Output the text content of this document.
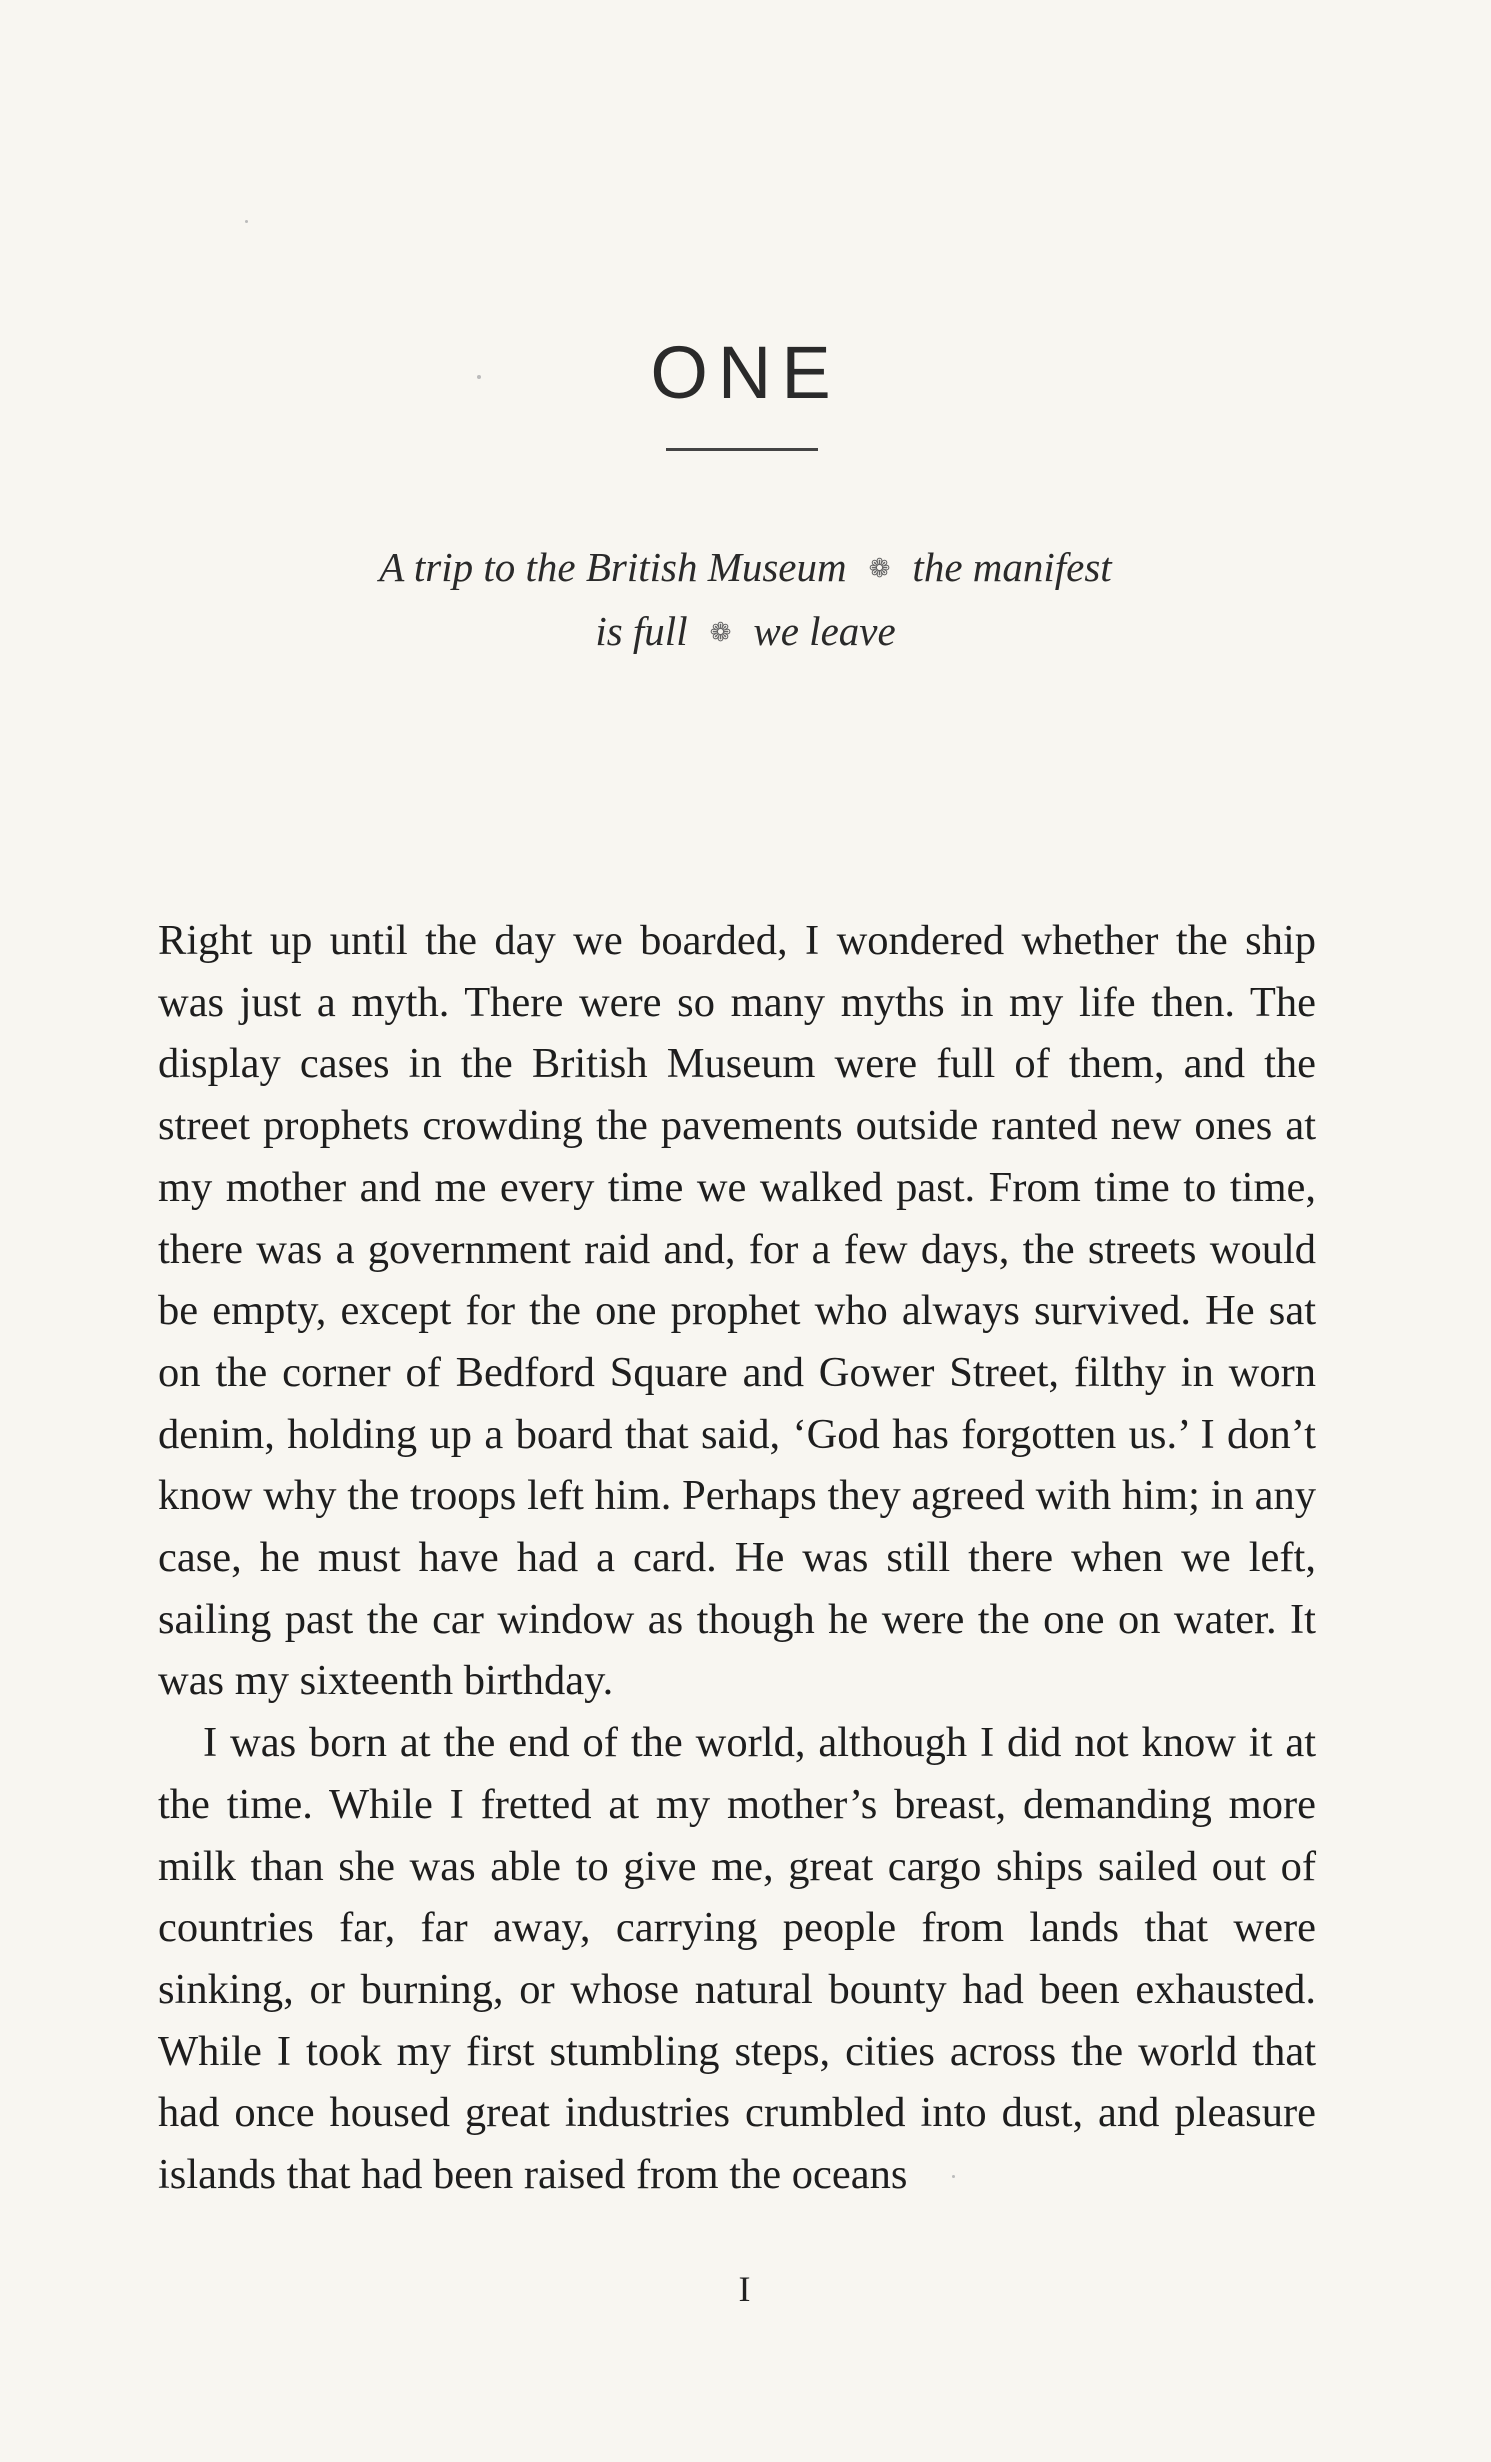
ONE
A trip to the British Museum ❁ the manifest
is full ❁ we leave

Right up until the day we boarded, I wondered whether the ship was just a myth. There were so many myths in my life then. The display cases in the British Museum were full of them, and the street prophets crowding the pavements outside ranted new ones at my mother and me every time we walked past. From time to time, there was a government raid and, for a few days, the streets would be empty, except for the one prophet who always survived. He sat on the corner of Bedford Square and Gower Street, filthy in worn denim, holding up a board that said, ‘God has forgotten us.’ I don’t know why the troops left him. Perhaps they agreed with him; in any case, he must have had a card. He was still there when we left, sailing past the car window as though he were the one on water. It was my sixteenth birthday.

I was born at the end of the world, although I did not know it at the time. While I fretted at my mother’s breast, demanding more milk than she was able to give me, great cargo ships sailed out of countries far, far away, carrying people from lands that were sinking, or burning, or whose natural bounty had been exhausted. While I took my first stumbling steps, cities across the world that had once housed great industries crumbled into dust, and pleasure islands that had been raised from the oceans

I
